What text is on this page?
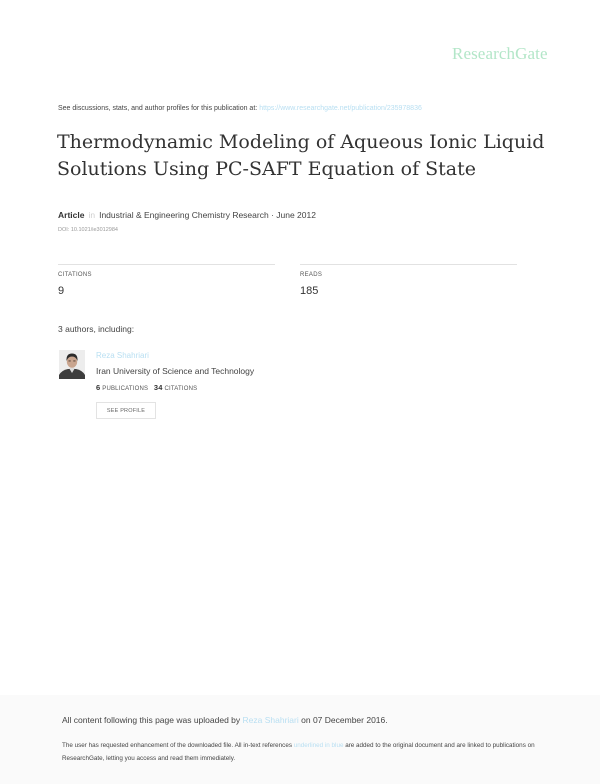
ResearchGate
See discussions, stats, and author profiles for this publication at: https://www.researchgate.net/publication/235978836
Thermodynamic Modeling of Aqueous Ionic Liquid Solutions Using PC-SAFT Equation of State
Article in Industrial & Engineering Chemistry Research · June 2012
DOI: 10.1021/ie3012984
CITATIONS
9
READS
185
3 authors, including:
Reza Shahriari
Iran University of Science and Technology
6 PUBLICATIONS 34 CITATIONS
SEE PROFILE
All content following this page was uploaded by Reza Shahriari on 07 December 2016.
The user has requested enhancement of the downloaded file. All in-text references underlined in blue are added to the original document and are linked to publications on ResearchGate, letting you access and read them immediately.
